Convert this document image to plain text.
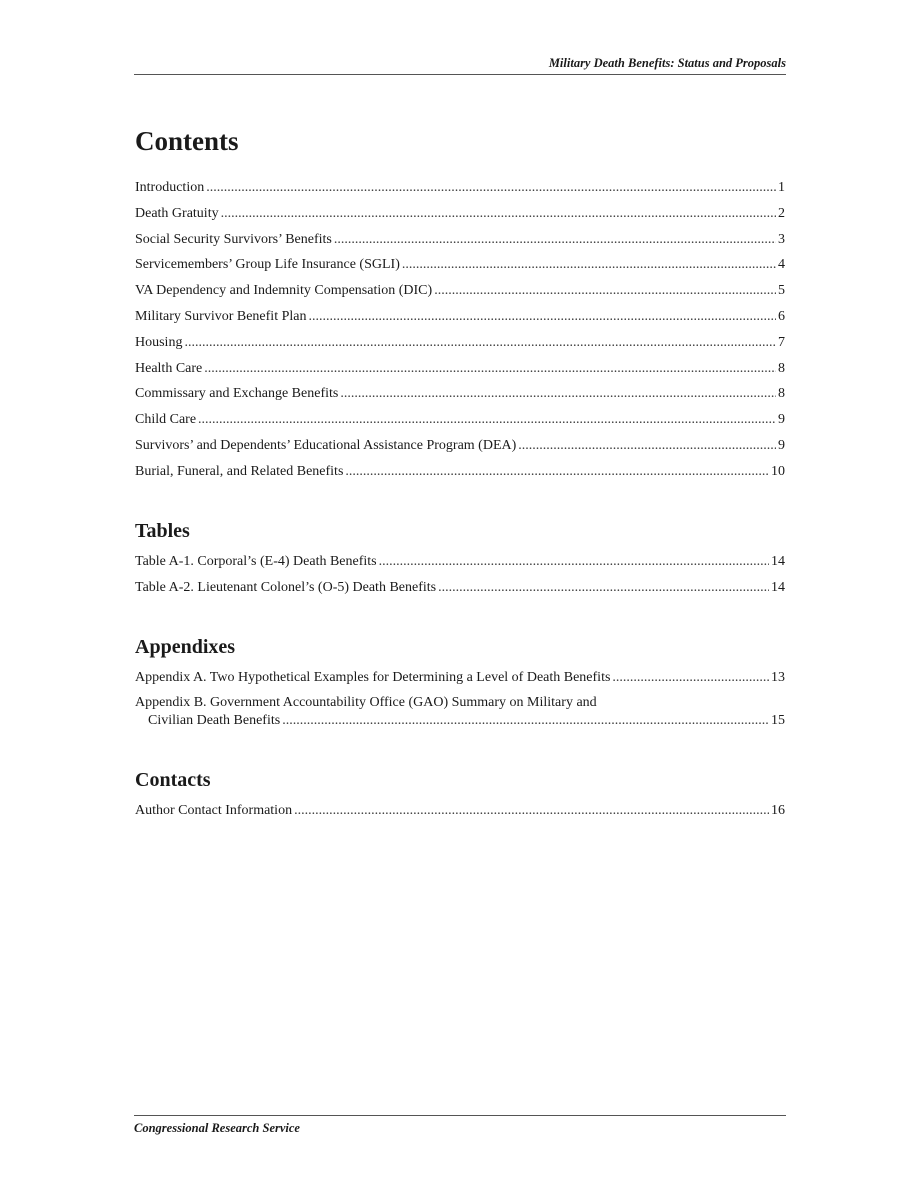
Military Death Benefits: Status and Proposals
Contents
Introduction .....	1
Death Gratuity .....	2
Social Security Survivors’ Benefits .....	3
Servicemembers’ Group Life Insurance (SGLI) .....	4
VA Dependency and Indemnity Compensation (DIC) .....	5
Military Survivor Benefit Plan .....	6
Housing .....	7
Health Care .....	8
Commissary and Exchange Benefits .....	8
Child Care .....	9
Survivors’ and Dependents’ Educational Assistance Program (DEA) .....	9
Burial, Funeral, and Related Benefits .....	10
Tables
Table A-1. Corporal’s (E-4) Death Benefits .....	14
Table A-2. Lieutenant Colonel’s (O-5) Death Benefits .....	14
Appendixes
Appendix A. Two Hypothetical Examples for Determining a Level of Death Benefits .....	13
Appendix B. Government Accountability Office (GAO) Summary on Military and
Civilian Death Benefits .....	15
Contacts
Author Contact Information .....	16
Congressional Research Service
